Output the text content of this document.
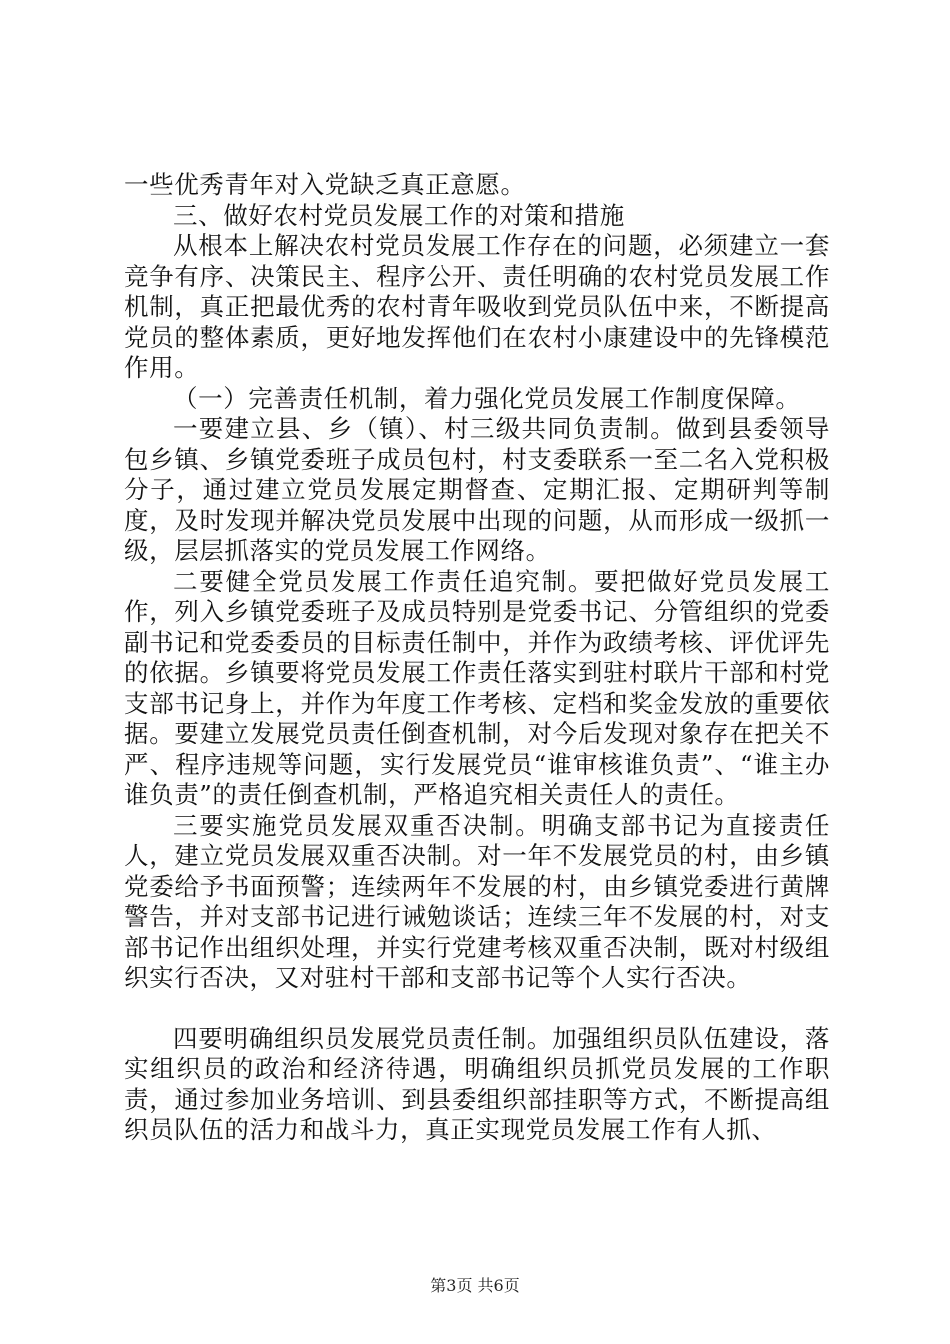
一些优秀青年对入党缺乏真正意愿。

三、做好农村党员发展工作的对策和措施

从根本上解决农村党员发展工作存在的问题，必须建立一套竞争有序、决策民主、程序公开、责任明确的农村党员发展工作机制，真正把最优秀的农村青年吸收到党员队伍中来，不断提高党员的整体素质，更好地发挥他们在农村小康建设中的先锋模范作用。

（一）完善责任机制，着力强化党员发展工作制度保障。

一要建立县、乡（镇）、村三级共同负责制。做到县委领导包乡镇、乡镇党委班子成员包村，村支委联系一至二名入党积极分子，通过建立党员发展定期督查、定期汇报、定期研判等制度，及时发现并解决党员发展中出现的问题，从而形成一级抓一级，层层抓落实的党员发展工作网络。

二要健全党员发展工作责任追究制。要把做好党员发展工作，列入乡镇党委班子及成员特别是党委书记、分管组织的党委副书记和党委委员的目标责任制中，并作为政绩考核、评优评先的依据。乡镇要将党员发展工作责任落实到驻村联片干部和村党支部书记身上，并作为年度工作考核、定档和奖金发放的重要依据。要建立发展党员责任倒查机制，对今后发现对象存在把关不严、程序违规等问题，实行发展党员“谁审核谁负责”、“谁主办谁负责”的责任倒查机制，严格追究相关责任人的责任。

三要实施党员发展双重否决制。明确支部书记为直接责任人，建立党员发展双重否决制。对一年不发展党员的村，由乡镇党委给予书面预警；连续两年不发展的村，由乡镇党委进行黄牌警告，并对支部书记进行诫勉谈话；连续三年不发展的村，对支部书记作出组织处理，并实行党建考核双重否决制，既对村级组织实行否决，又对驻村干部和支部书记等个人实行否决。

四要明确组织员发展党员责任制。加强组织员队伍建设，落实组织员的政治和经济待遇，明确组织员抓党员发展的工作职责，通过参加业务培训、到县委组织部挂职等方式，不断提高组织员队伍的活力和战斗力，真正实现党员发展工作有人抓、

第3页 共6页
